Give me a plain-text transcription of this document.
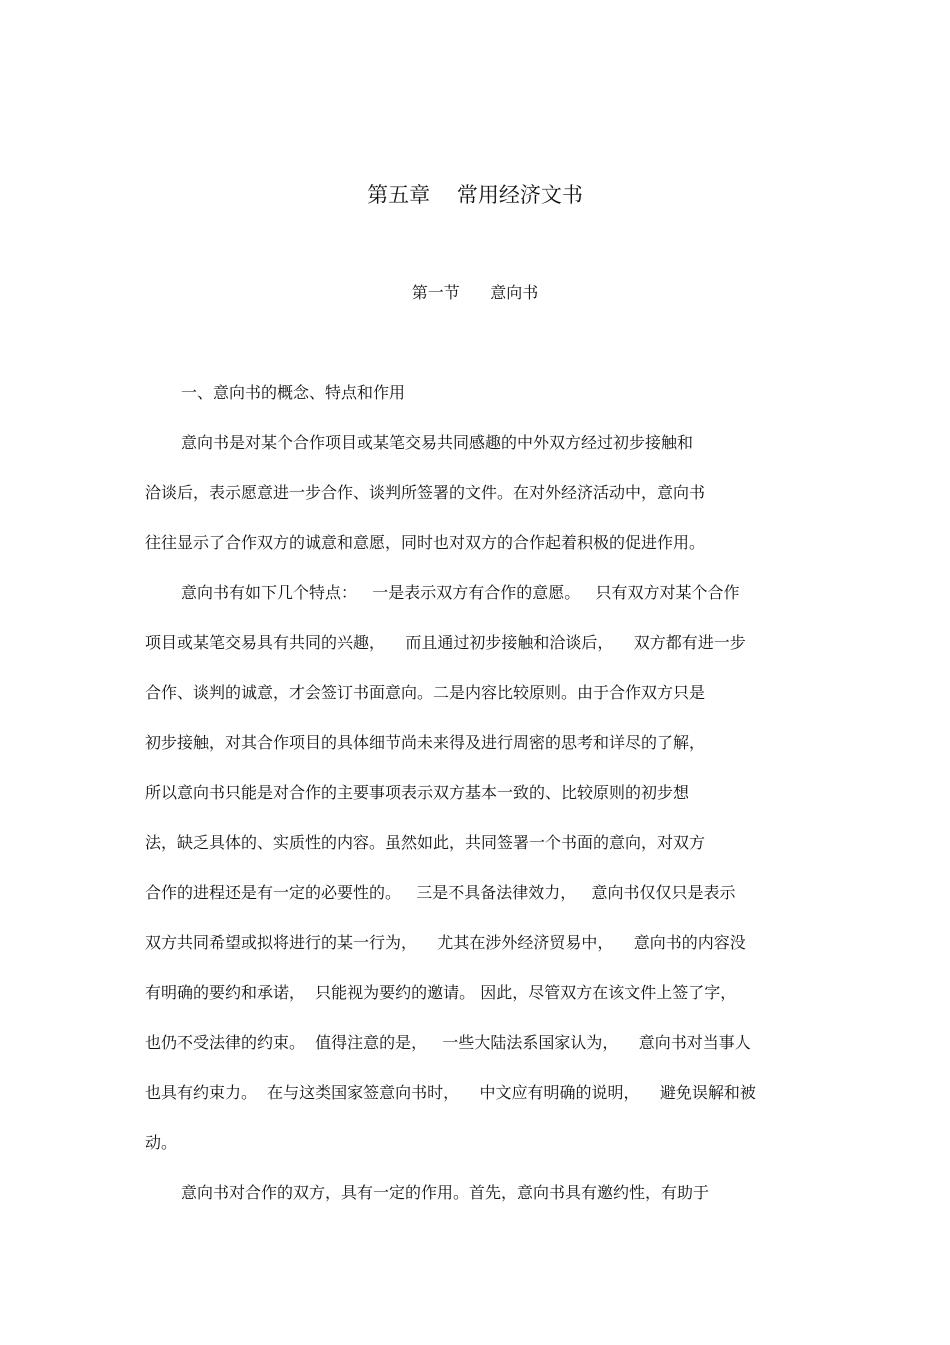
第五章    常用经济文书
第一节      意向书
一、意向书的概念、特点和作用
意向书是对某个合作项目或某笔交易共同感趣的中外双方经过初步接触和
洽谈后，表示愿意进一步合作、谈判所签署的文件。在对外经济活动中，意向书
往往显示了合作双方的诚意和意愿，同时也对双方的合作起着积极的促进作用。
意向书有如下几个特点：   一是表示双方有合作的意愿。   只有双方对某个合作
项目或某笔交易具有共同的兴趣，    而且通过初步接触和洽谈后，    双方都有进一步
合作、谈判的诚意，才会签订书面意向。二是内容比较原则。由于合作双方只是
初步接触，对其合作项目的具体细节尚未来得及进行周密的思考和详尽的了解，
所以意向书只能是对合作的主要事项表示双方基本一致的、比较原则的初步想
法，缺乏具体的、实质性的内容。虽然如此，共同签署一个书面的意向，对双方
合作的进程还是有一定的必要性的。   三是不具备法律效力，   意向书仅仅只是表示
双方共同希望或拟将进行的某一行为，    尤其在涉外经济贸易中，    意向书的内容没
有明确的要约和承诺，  只能视为要约的邀请。 因此，尽管双方在该文件上签了字，
也仍不受法律的约束。  值得注意的是，   一些大陆法系国家认为，    意向书对当事人
也具有约束力。  在与这类国家签意向书时，    中文应有明确的说明，    避免误解和被
动。
意向书对合作的双方，具有一定的作用。首先，意向书具有邀约性，有助于
